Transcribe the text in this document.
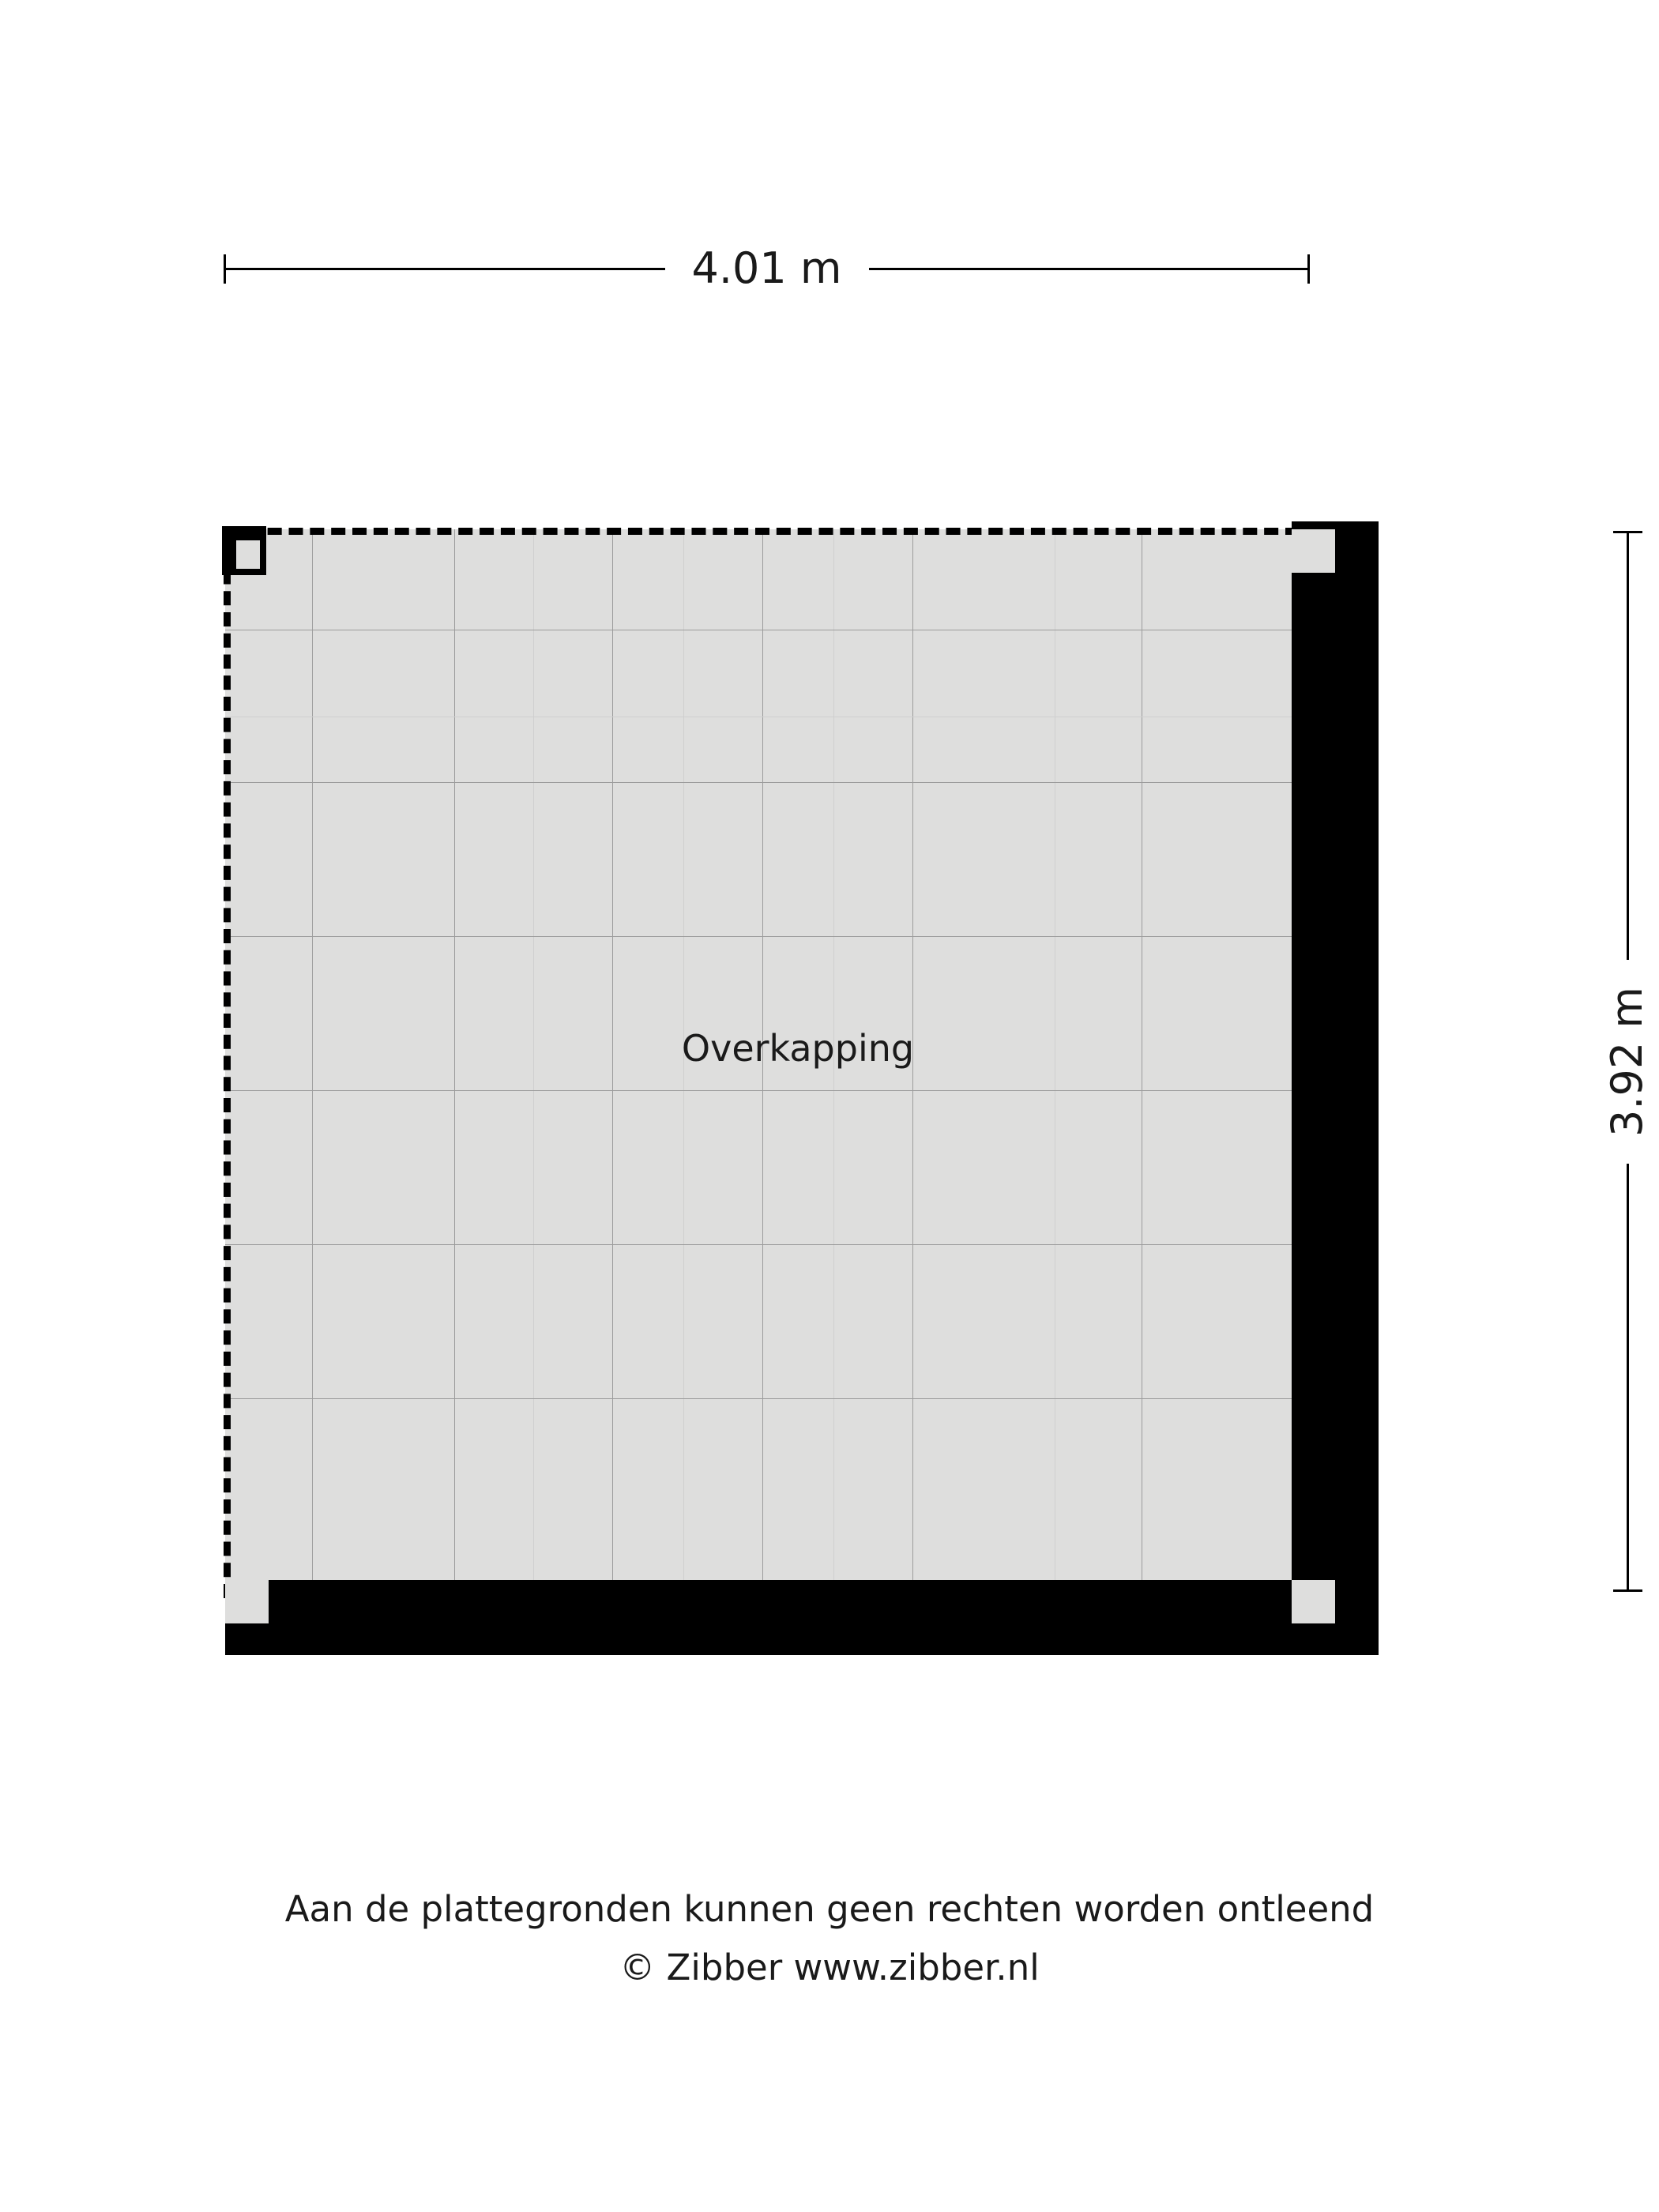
4.01 m
3.92 m
Overkapping
Aan de plattegronden kunnen geen rechten worden ontleend
© Zibber www.zibber.nl
